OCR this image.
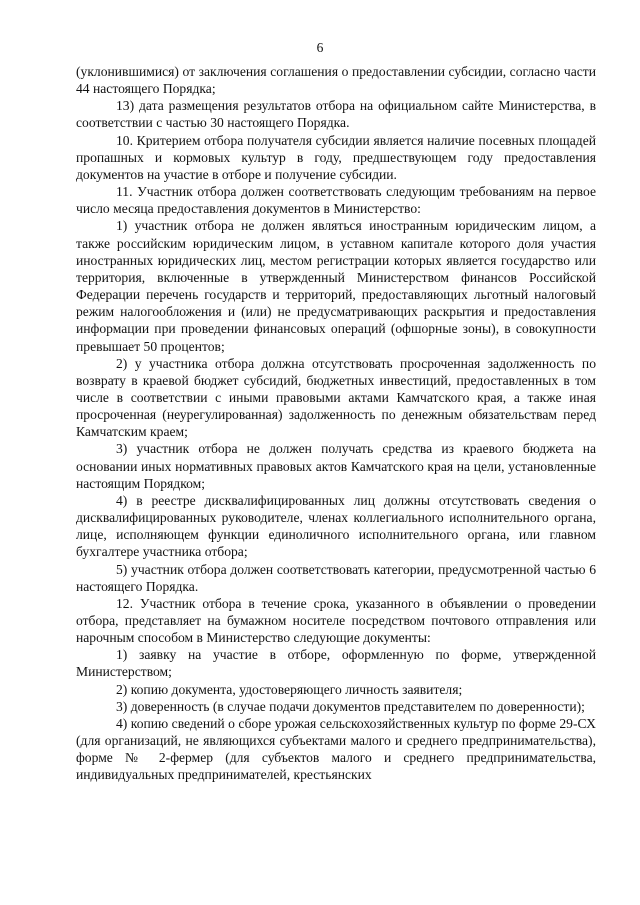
6

(уклонившимися) от заключения соглашения о предоставлении субсидии, согласно части 44 настоящего Порядка;

13) дата размещения результатов отбора на официальном сайте Министерства, в соответствии с частью 30 настоящего Порядка.

10. Критерием отбора получателя субсидии является наличие посевных площадей пропашных и кормовых культур в году, предшествующем году предоставления документов на участие в отборе и получение субсидии.

11. Участник отбора должен соответствовать следующим требованиям на первое число месяца предоставления документов в Министерство:

1) участник отбора не должен являться иностранным юридическим лицом, а также российским юридическим лицом, в уставном капитале которого доля участия иностранных юридических лиц, местом регистрации которых является государство или территория, включенные в утвержденный Министерством финансов Российской Федерации перечень государств и территорий, предоставляющих льготный налоговый режим налогообложения и (или) не предусматривающих раскрытия и предоставления информации при проведении финансовых операций (офшорные зоны), в совокупности превышает 50 процентов;

2) у участника отбора должна отсутствовать просроченная задолженность по возврату в краевой бюджет субсидий, бюджетных инвестиций, предоставленных в том числе в соответствии с иными правовыми актами Камчатского края, а также иная просроченная (неурегулированная) задолженность по денежным обязательствам перед Камчатским краем;

3) участник отбора не должен получать средства из краевого бюджета на основании иных нормативных правовых актов Камчатского края на цели, установленные настоящим Порядком;

4) в реестре дисквалифицированных лиц должны отсутствовать сведения о дисквалифицированных руководителе, членах коллегиального исполнительного органа, лице, исполняющем функции единоличного исполнительного органа, или главном бухгалтере участника отбора;

5) участник отбора должен соответствовать категории, предусмотренной частью 6 настоящего Порядка.

12. Участник отбора в течение срока, указанного в объявлении о проведении отбора, представляет на бумажном носителе посредством почтового отправления или нарочным способом в Министерство следующие документы:

1) заявку на участие в отборе, оформленную по форме, утвержденной Министерством;

2) копию документа, удостоверяющего личность заявителя;

3) доверенность (в случае подачи документов представителем по доверенности);

4) копию сведений о сборе урожая сельскохозяйственных культур по форме 29-СХ (для организаций, не являющихся субъектами малого и среднего предпринимательства), форме № 2-фермер (для субъектов малого и среднего предпринимательства, индивидуальных предпринимателей, крестьянских
